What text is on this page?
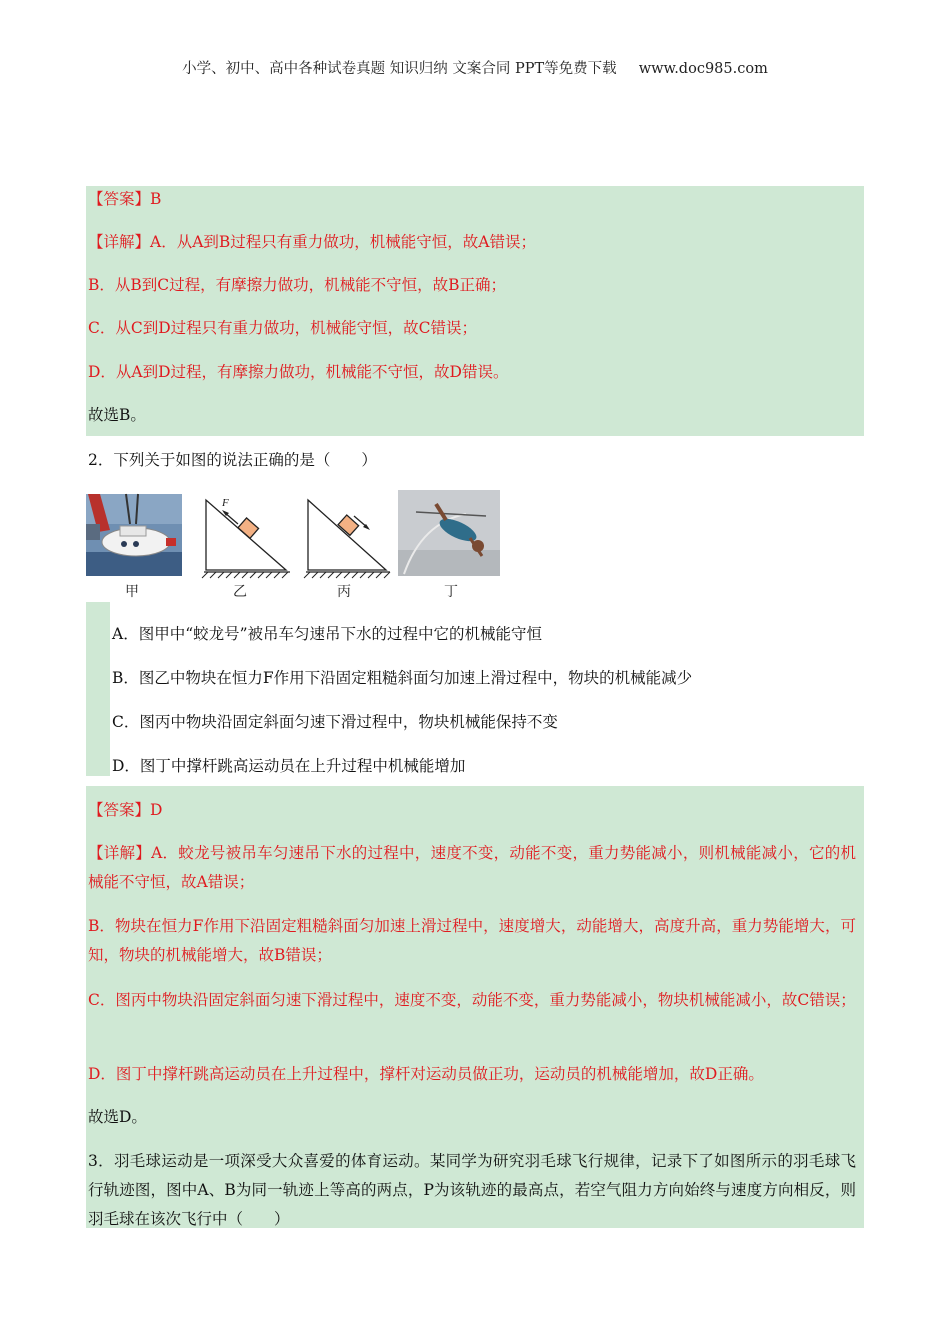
小学、初中、高中各种试卷真题 知识归纳 文案合同 PPT等免费下载 www.doc985.com
【答案】B
【详解】A．从A到B过程只有重力做功，机械能守恒，故A错误；
B．从B到C过程，有摩擦力做功，机械能不守恒，故B正确；
C．从C到D过程只有重力做功，机械能守恒，故C错误；
D．从A到D过程，有摩擦力做功，机械能不守恒，故D错误。
故选B。
2．下列关于如图的说法正确的是（　　）
F
甲	乙	丙	丁
A．图甲中“蛟龙号”被吊车匀速吊下水的过程中它的机械能守恒
B．图乙中物块在恒力F作用下沿固定粗糙斜面匀加速上滑过程中，物块的机械能减少
C．图丙中物块沿固定斜面匀速下滑过程中，物块机械能保持不变
D．图丁中撑杆跳高运动员在上升过程中机械能增加
【答案】D
【详解】A．蛟龙号被吊车匀速吊下水的过程中，速度不变，动能不变，重力势能减小，则机械能减小，它的机械能不守恒，故A错误；
B．物块在恒力F作用下沿固定粗糙斜面匀加速上滑过程中，速度增大，动能增大，高度升高，重力势能增大，可知，物块的机械能增大，故B错误；
C．图丙中物块沿固定斜面匀速下滑过程中，速度不变，动能不变，重力势能减小，物块机械能减小，故C错误；
D．图丁中撑杆跳高运动员在上升过程中，撑杆对运动员做正功，运动员的机械能增加，故D正确。
故选D。
3．羽毛球运动是一项深受大众喜爱的体育运动。某同学为研究羽毛球飞行规律，记录下了如图所示的羽毛球飞行轨迹图，图中A、B为同一轨迹上等高的两点，P为该轨迹的最高点，若空气阻力方向始终与速度方向相反，则羽毛球在该次飞行中（　　）
